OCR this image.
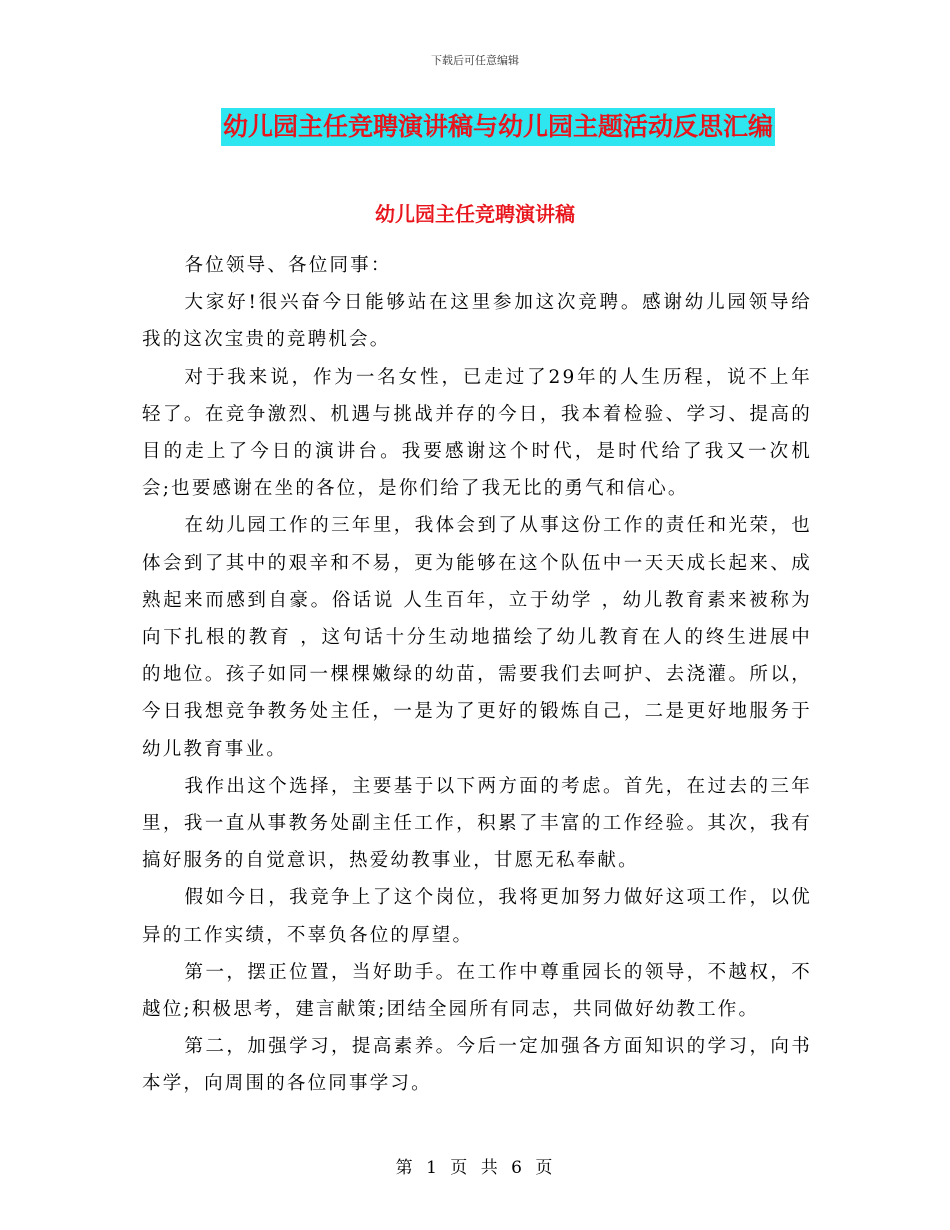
下载后可任意编辑
幼儿园主任竞聘演讲稿与幼儿园主题活动反思汇编
幼儿园主任竞聘演讲稿

各位领导、各位同事：

大家好!很兴奋今日能够站在这里参加这次竞聘。感谢幼儿园领导给我的这次宝贵的竞聘机会。

对于我来说，作为一名女性，已走过了29年的人生历程，说不上年轻了。在竞争激烈、机遇与挑战并存的今日，我本着检验、学习、提高的目的走上了今日的演讲台。我要感谢这个时代，是时代给了我又一次机会;也要感谢在坐的各位，是你们给了我无比的勇气和信心。

在幼儿园工作的三年里，我体会到了从事这份工作的责任和光荣，也体会到了其中的艰辛和不易，更为能够在这个队伍中一天天成长起来、成熟起来而感到自豪。俗话说 人生百年，立于幼学 ，幼儿教育素来被称为 向下扎根的教育 ，这句话十分生动地描绘了幼儿教育在人的终生进展中的地位。孩子如同一棵棵嫩绿的幼苗，需要我们去呵护、去浇灌。所以，今日我想竞争教务处主任，一是为了更好的锻炼自己，二是更好地服务于幼儿教育事业。

我作出这个选择，主要基于以下两方面的考虑。首先，在过去的三年里，我一直从事教务处副主任工作，积累了丰富的工作经验。其次，我有搞好服务的自觉意识，热爱幼教事业，甘愿无私奉献。

假如今日，我竞争上了这个岗位，我将更加努力做好这项工作，以优异的工作实绩，不辜负各位的厚望。

第一，摆正位置，当好助手。在工作中尊重园长的领导，不越权，不越位;积极思考，建言献策;团结全园所有同志，共同做好幼教工作。

第二，加强学习，提高素养。今后一定加强各方面知识的学习，向书本学，向周围的各位同事学习。

第 1 页 共 6 页
